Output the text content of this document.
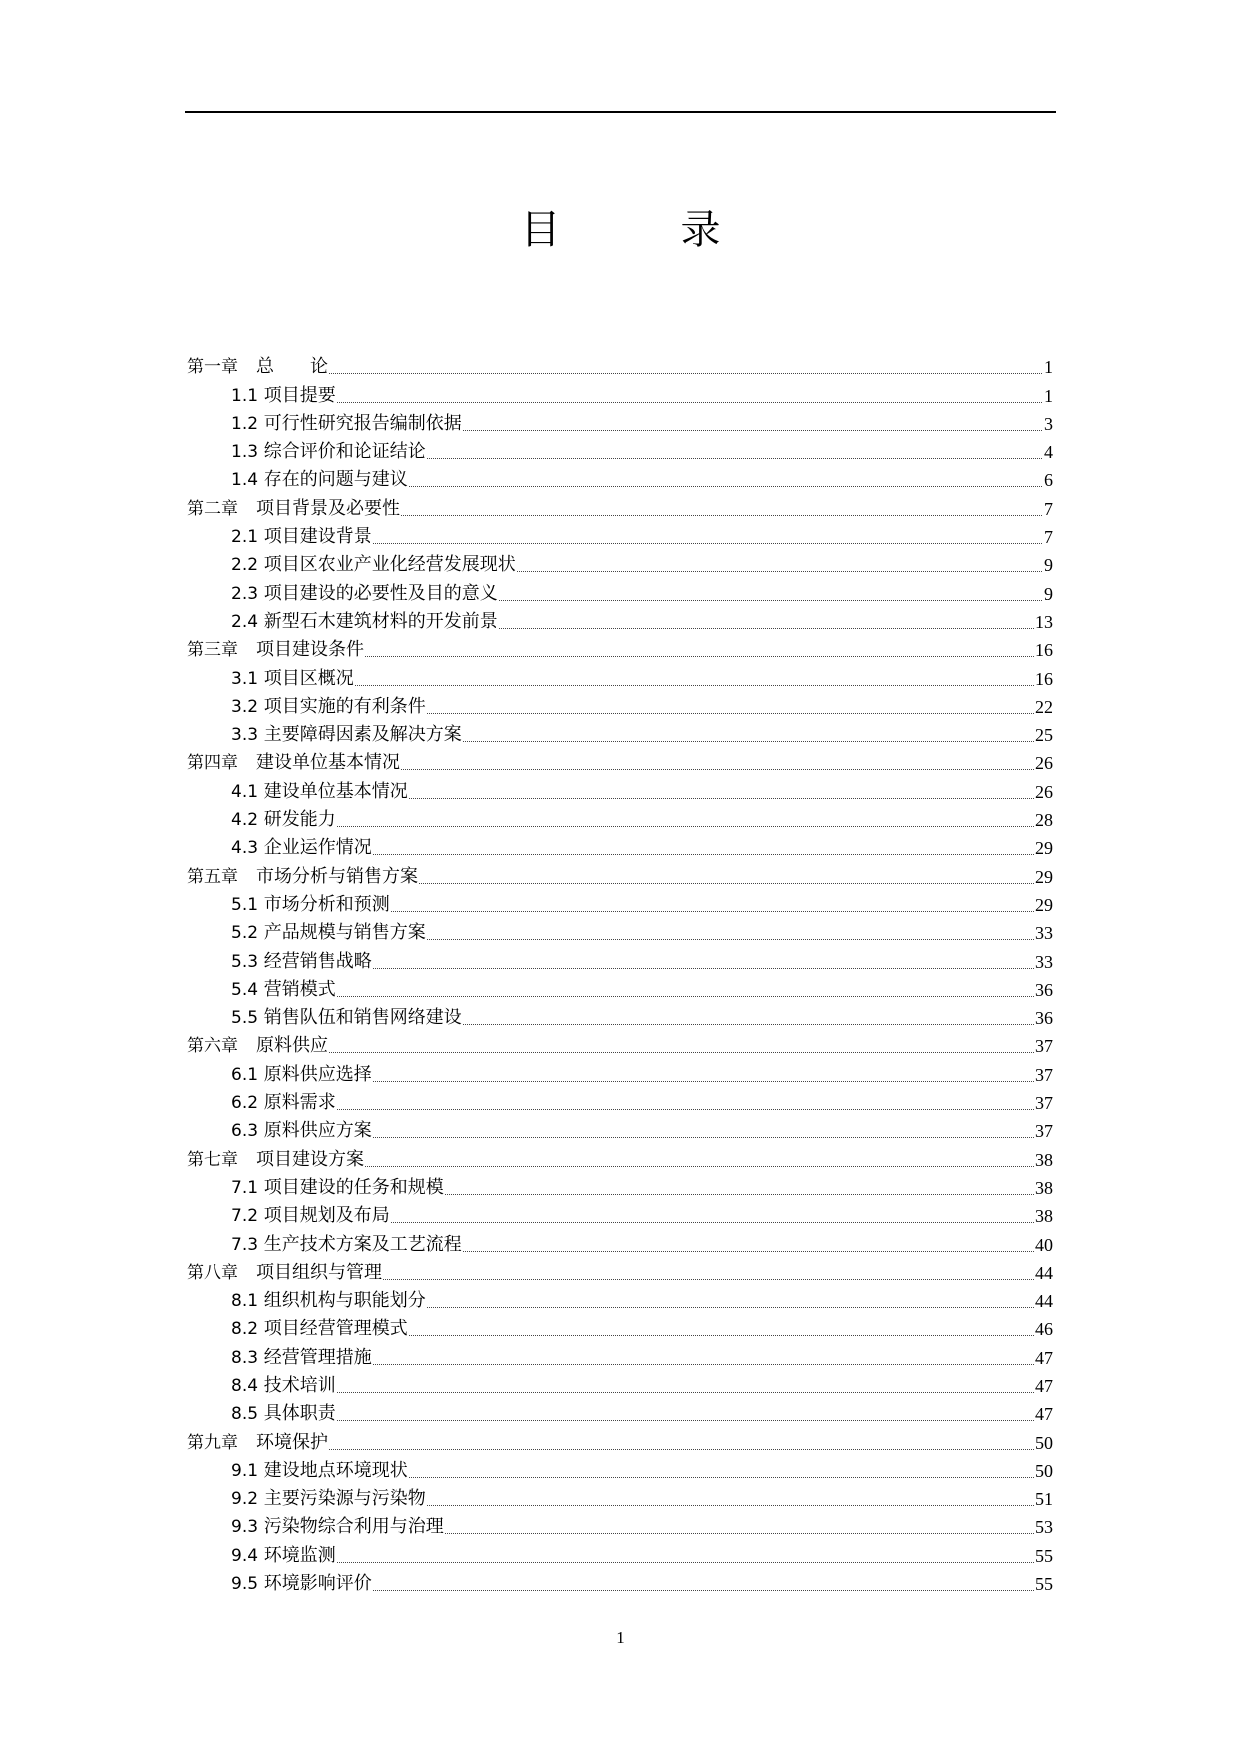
目　录
第一章　 总　　论	1
1.1 项目提要	1
1.2 可行性研究报告编制依据	3
1.3 综合评价和论证结论	4
1.4 存在的问题与建议	6
第二章　 项目背景及必要性	7
2.1 项目建设背景	7
2.2 项目区农业产业化经营发展现状	9
2.3 项目建设的必要性及目的意义	9
2.4 新型石木建筑材料的开发前景	13
第三章　 项目建设条件	16
3.1 项目区概况	16
3.2 项目实施的有利条件	22
3.3 主要障碍因素及解决方案	25
第四章　 建设单位基本情况	26
4.1 建设单位基本情况	26
4.2 研发能力	28
4.3 企业运作情况	29
第五章　 市场分析与销售方案	29
5.1 市场分析和预测	29
5.2 产品规模与销售方案	33
5.3 经营销售战略	33
5.4 营销模式	36
5.5 销售队伍和销售网络建设	36
第六章　 原料供应	37
6.1 原料供应选择	37
6.2 原料需求	37
6.3 原料供应方案	37
第七章　 项目建设方案	38
7.1 项目建设的任务和规模	38
7.2 项目规划及布局	38
7.3 生产技术方案及工艺流程	40
第八章　 项目组织与管理	44
8.1 组织机构与职能划分	44
8.2 项目经营管理模式	46
8.3 经营管理措施	47
8.4 技术培训	47
8.5 具体职责	47
第九章　 环境保护	50
9.1 建设地点环境现状	50
9.2 主要污染源与污染物	51
9.3 污染物综合利用与治理	53
9.4 环境监测	55
9.5 环境影响评价	55
1
